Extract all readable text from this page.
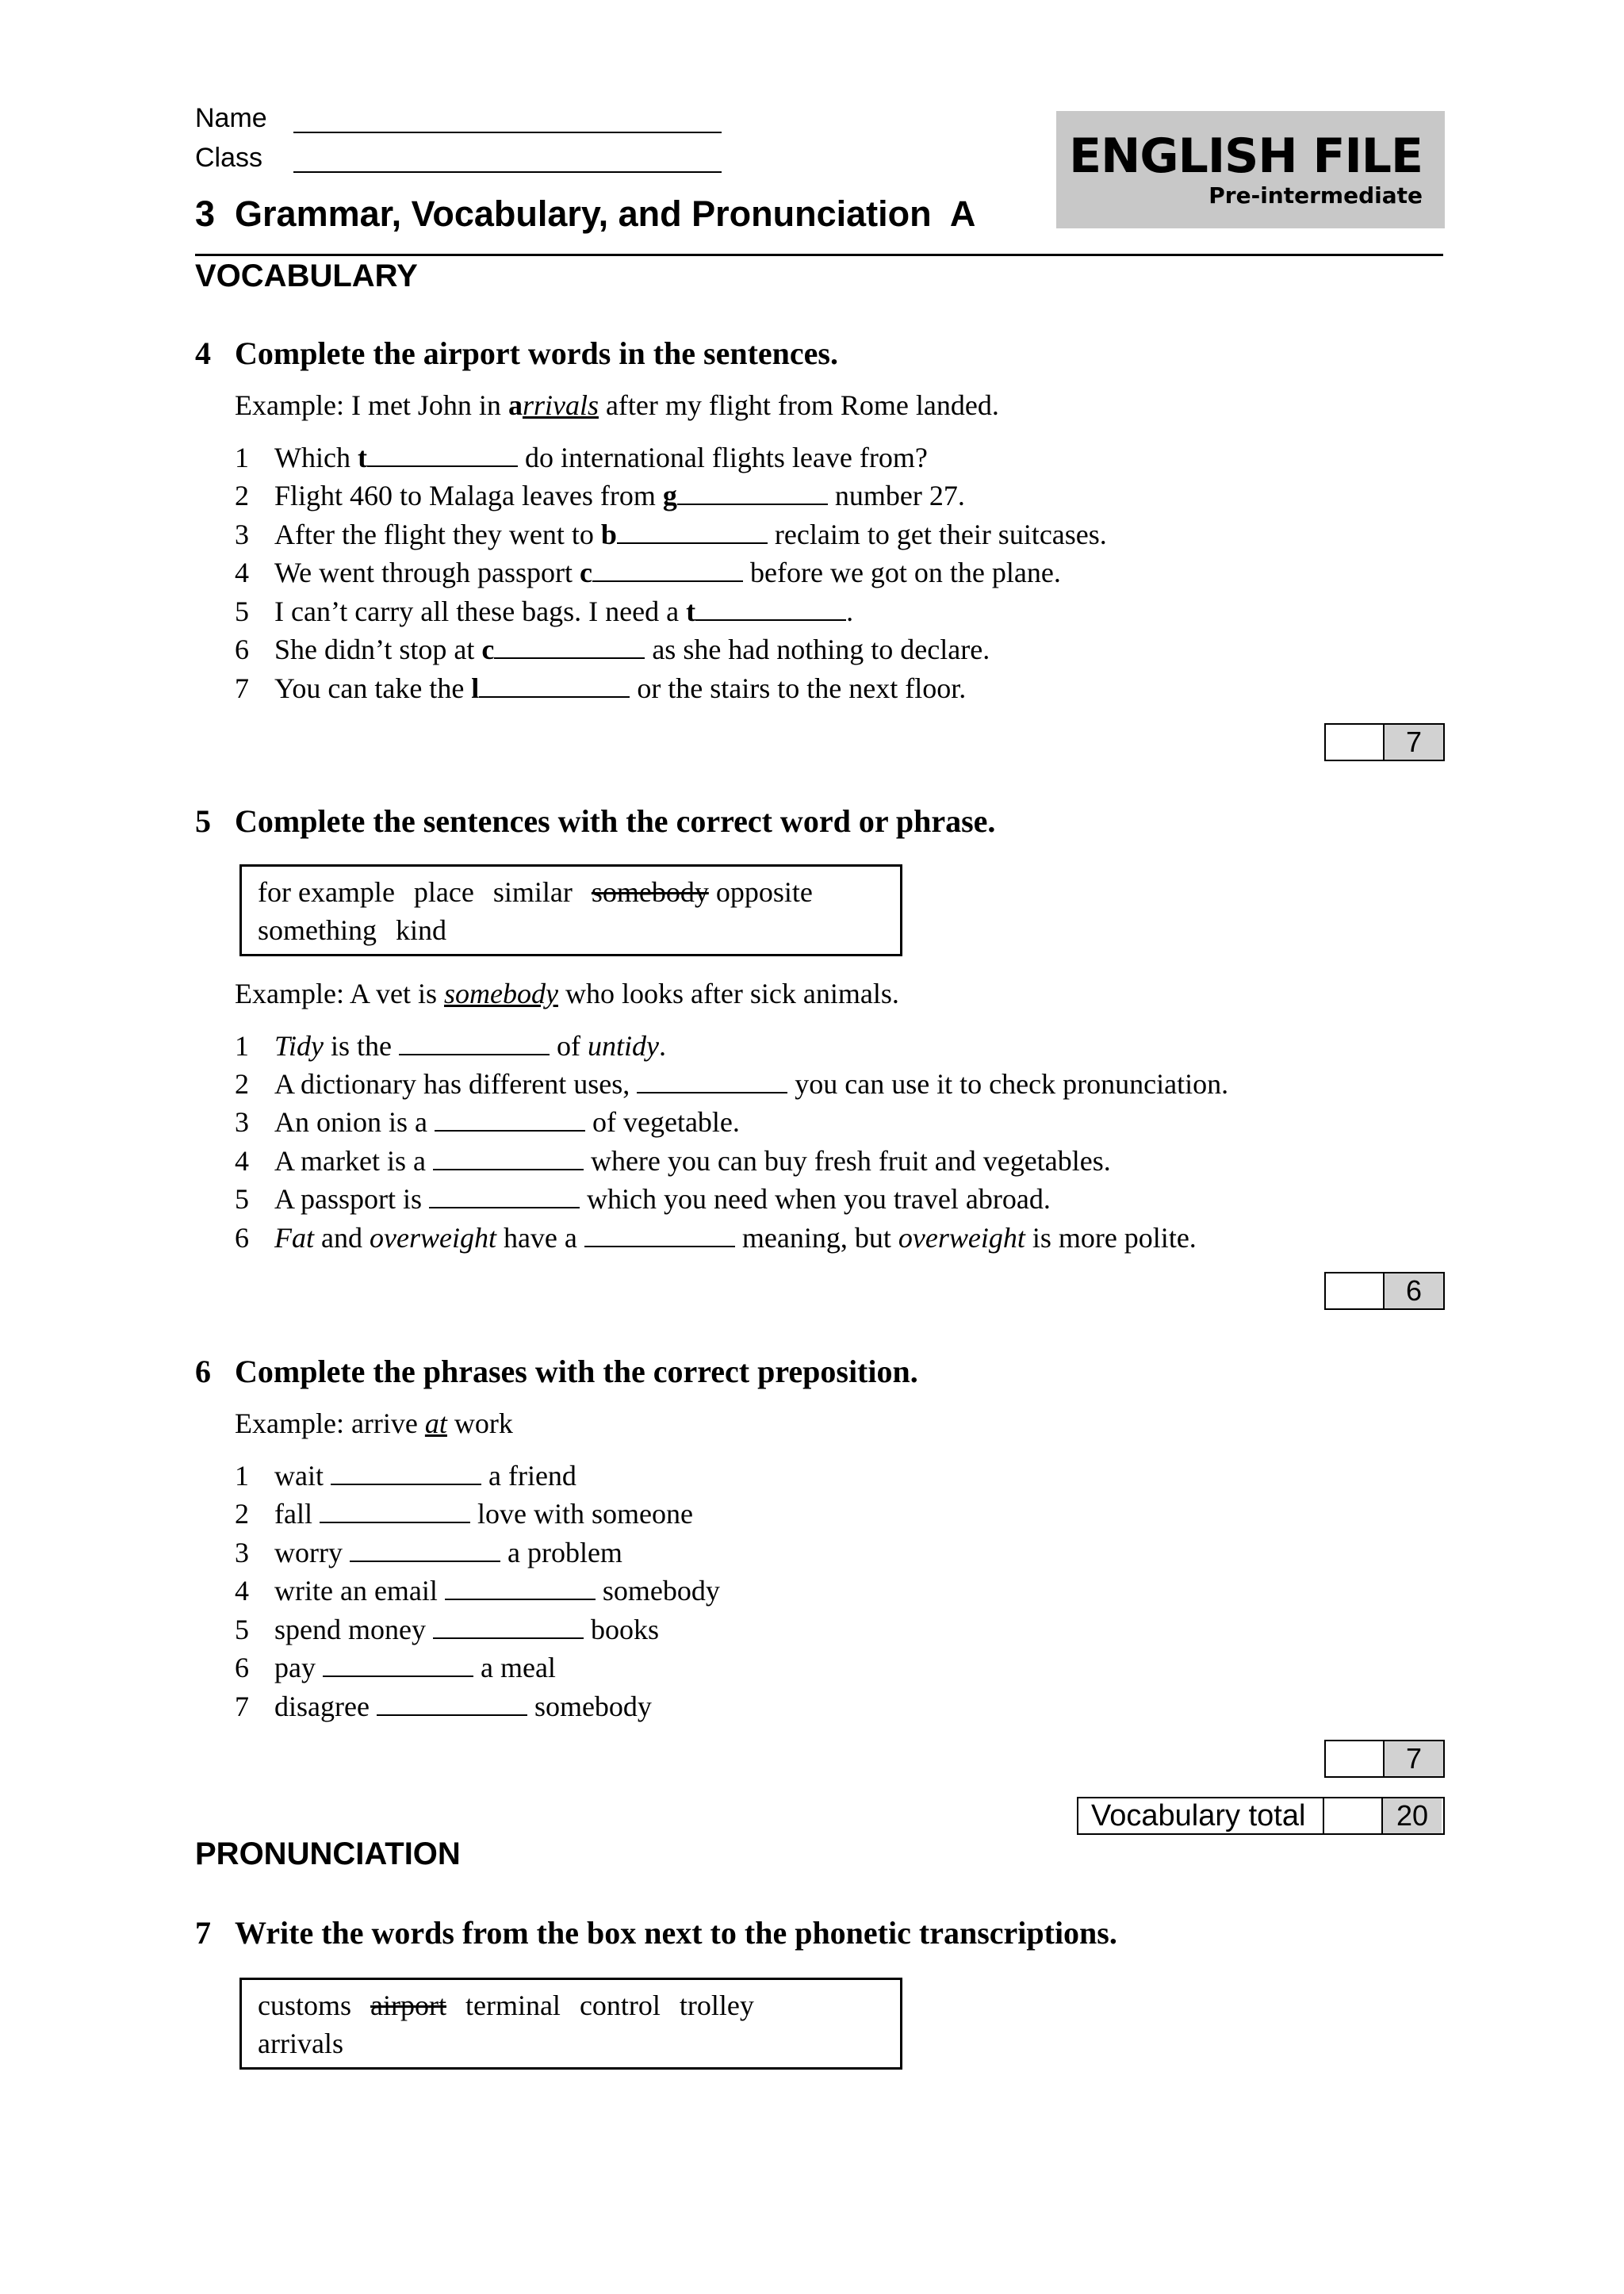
Name
Class
3  Grammar, Vocabulary, and Pronunciation  A
ENGLISH FILE
Pre-intermediate
VOCABULARY
4 Complete the airport words in the sentences.
Example: I met John in arrivals after my flight from Rome landed.
1 Which t	do international flights leave from?
2 Flight 460 to Malaga leaves from g	number 27.
3 After the flight they went to b	reclaim to get their suitcases.
4 We went through passport c	before we got on the plane.
5 I can’t carry all these bags. I need a t	.
6 She didn’t stop at c	as she had nothing to declare.
7 You can take the l	or the stairs to the next floor.
7
5 Complete the sentences with the correct word or phrase.
for example place similar somebody opposite
something kind
Example: A vet is somebody who looks after sick animals.
1 Tidy is the	of untidy.
2 A dictionary has different uses,	you can use it to check pronunciation.
3 An onion is a	of vegetable.
4 A market is a	where you can buy fresh fruit and vegetables.
5 A passport is	which you need when you travel abroad.
6 Fat and overweight have a	meaning, but overweight is more polite.
6
6 Complete the phrases with the correct preposition.
Example: arrive at work
1 wait	a friend
2 fall	love with someone
3 worry	a problem
4 write an email	somebody
5 spend money	books
6 pay	a meal
7 disagree	somebody
7
Vocabulary total	20
PRONUNCIATION
7 Write the words from the box next to the phonetic transcriptions.
customs airport terminal control trolley
arrivals
